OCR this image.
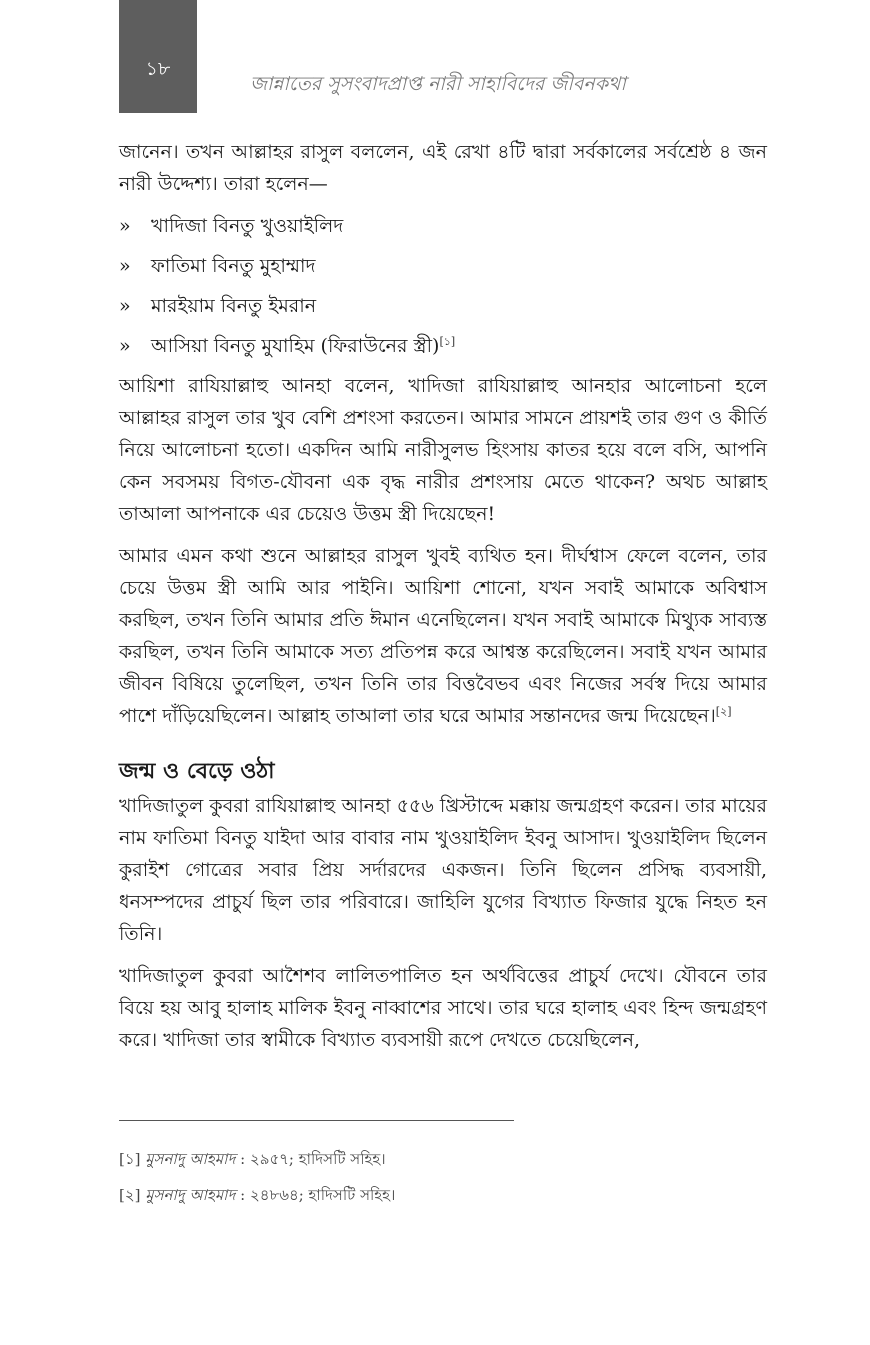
১৮
জান্নাতের সুসংবাদপ্রাপ্ত নারী সাহাবিদের জীবনকথা

জানেন। তখন আল্লাহর রাসুল বললেন, এই রেখা ৪টি দ্বারা সর্বকালের সর্বশ্রেষ্ঠ ৪ জন নারী উদ্দেশ্য। তারা হলেন—

»	খাদিজা বিনতু খুওয়াইলিদ
»	ফাতিমা বিনতু মুহাম্মাদ
»	মারইয়াম বিনতু ইমরান
»	আসিয়া বিনতু মুযাহিম (ফিরাউনের স্ত্রী)[১]

আয়িশা রাযিয়াল্লাহু আনহা বলেন, খাদিজা রাযিয়াল্লাহু আনহার আলোচনা হলে আল্লাহর রাসুল তার খুব বেশি প্রশংসা করতেন। আমার সামনে প্রায়শই তার গুণ ও কীর্তি নিয়ে আলোচনা হতো। একদিন আমি নারীসুলভ হিংসায় কাতর হয়ে বলে বসি, আপনি কেন সবসময় বিগত-যৌবনা এক বৃদ্ধ নারীর প্রশংসায় মেতে থাকেন? অথচ আল্লাহ তাআলা আপনাকে এর চেয়েও উত্তম স্ত্রী দিয়েছেন!

আমার এমন কথা শুনে আল্লাহর রাসুল খুবই ব্যথিত হন। দীর্ঘশ্বাস ফেলে বলেন, তার চেয়ে উত্তম স্ত্রী আমি আর পাইনি। আয়িশা শোনো, যখন সবাই আমাকে অবিশ্বাস করছিল, তখন তিনি আমার প্রতি ঈমান এনেছিলেন। যখন সবাই আমাকে মিথ্যুক সাব্যস্ত করছিল, তখন তিনি আমাকে সত্য প্রতিপন্ন করে আশ্বস্ত করেছিলেন। সবাই যখন আমার জীবন বিষিয়ে তুলেছিল, তখন তিনি তার বিত্তবৈভব এবং নিজের সর্বস্ব দিয়ে আমার পাশে দাঁড়িয়েছিলেন। আল্লাহ তাআলা তার ঘরে আমার সন্তানদের জন্ম দিয়েছেন।[২]

জন্ম ও বেড়ে ওঠা

খাদিজাতুল কুবরা রাযিয়াল্লাহু আনহা ৫৫৬ খ্রিস্টাব্দে মক্কায় জন্মগ্রহণ করেন। তার মায়ের নাম ফাতিমা বিনতু যাইদা আর বাবার নাম খুওয়াইলিদ ইবনু আসাদ। খুওয়াইলিদ ছিলেন কুরাইশ গোত্রের সবার প্রিয় সর্দারদের একজন। তিনি ছিলেন প্রসিদ্ধ ব্যবসায়ী, ধনসম্পদের প্রাচুর্য ছিল তার পরিবারে। জাহিলি যুগের বিখ্যাত ফিজার যুদ্ধে নিহত হন তিনি।

খাদিজাতুল কুবরা আশৈশব লালিতপালিত হন অর্থবিত্তের প্রাচুর্য দেখে। যৌবনে তার বিয়ে হয় আবু হালাহ মালিক ইবনু নাব্বাশের সাথে। তার ঘরে হালাহ এবং হিন্দ জন্মগ্রহণ করে। খাদিজা তার স্বামীকে বিখ্যাত ব্যবসায়ী রূপে দেখতে চেয়েছিলেন,

[১] মুসনাদু আহমাদ : ২৯৫৭; হাদিসটি সহিহ।
[২] মুসনাদু আহমাদ : ২৪৮৬৪; হাদিসটি সহিহ।
